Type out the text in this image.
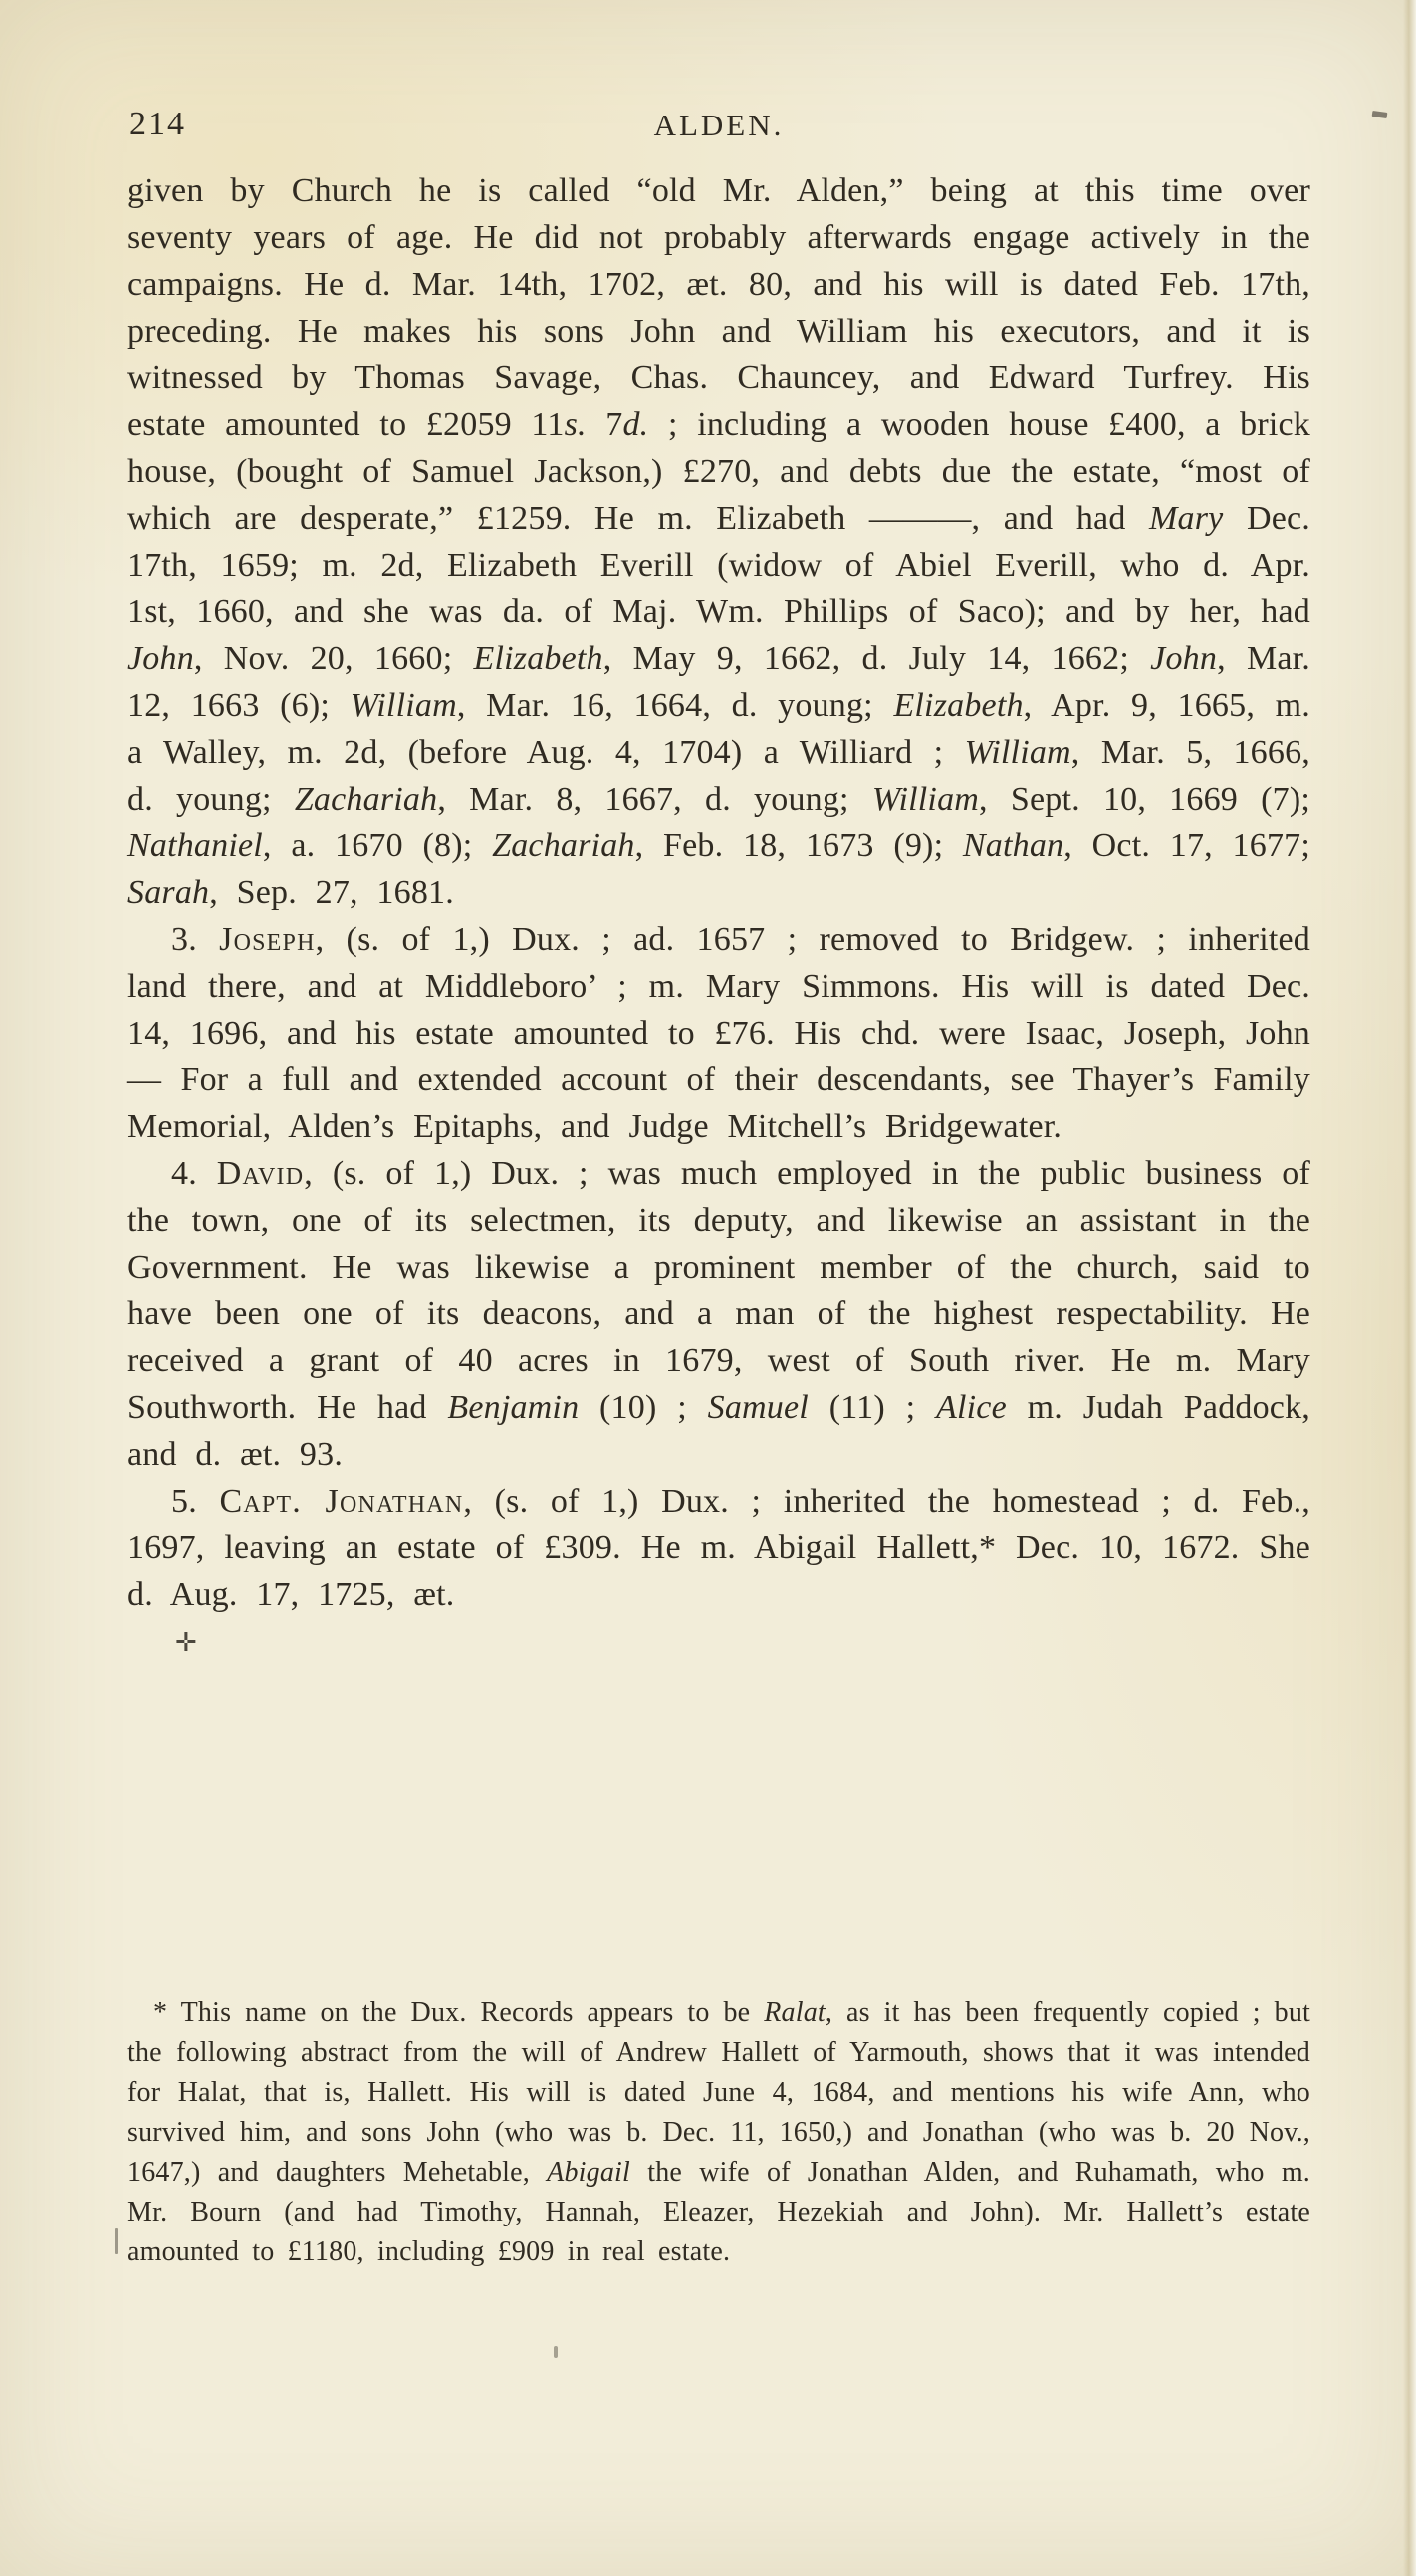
214	ALDEN.

given by Church he is called “old Mr. Alden,” being at this time over seventy years of age. He did not probably afterwards engage actively in the campaigns. He d. Mar. 14th, 1702, æt. 80, and his will is dated Feb. 17th, preceding. He makes his sons John and William his executors, and it is witnessed by Thomas Savage, Chas. Chauncey, and Edward Turfrey. His estate amounted to £2059 11s. 7d. ; including a wooden house £400, a brick house, (bought of Samuel Jackson,) £270, and debts due the estate, “most of which are desperate,” £1259. He m. Elizabeth ———, and had Mary Dec. 17th, 1659; m. 2d, Elizabeth Everill (widow of Abiel Everill, who d. Apr. 1st, 1660, and she was da. of Maj. Wm. Phillips of Saco); and by her, had John, Nov. 20, 1660; Elizabeth, May 9, 1662, d. July 14, 1662; John, Mar. 12, 1663 (6); William, Mar. 16, 1664, d. young; Elizabeth, Apr. 9, 1665, m. a Walley, m. 2d, (before Aug. 4, 1704) a Williard ; William, Mar. 5, 1666, d. young; Zachariah, Mar. 8, 1667, d. young; William, Sept. 10, 1669 (7); Nathaniel, a. 1670 (8); Zachariah, Feb. 18, 1673 (9); Nathan, Oct. 17, 1677; Sarah, Sep. 27, 1681.

3. Joseph, (s. of 1,) Dux. ; ad. 1657 ; removed to Bridgew. ; inherited land there, and at Middleboro’ ; m. Mary Simmons. His will is dated Dec. 14, 1696, and his estate amounted to £76. His chd. were Isaac, Joseph, John — For a full and extended account of their descendants, see Thayer’s Family Memorial, Alden’s Epitaphs, and Judge Mitchell’s Bridgewater.

4. David, (s. of 1,) Dux. ; was much employed in the public business of the town, one of its selectmen, its deputy, and likewise an assistant in the Government. He was likewise a prominent member of the church, said to have been one of its deacons, and a man of the highest respectability. He received a grant of 40 acres in 1679, west of South river. He m. Mary Southworth. He had Benjamin (10) ; Samuel (11) ; Alice m. Judah Paddock, and d. æt. 93.

5. Capt. Jonathan, (s. of 1,) Dux. ; inherited the homestead ; d. Feb., 1697, leaving an estate of £309. He m. Abigail Hallett,* Dec. 10, 1672. She d. Aug. 17, 1725, æt.

✛

* This name on the Dux. Records appears to be Ralat, as it has been frequently copied ; but the following abstract from the will of Andrew Hallett of Yarmouth, shows that it was intended for Halat, that is, Hallett. His will is dated June 4, 1684, and mentions his wife Ann, who survived him, and sons John (who was b. Dec. 11, 1650,) and Jonathan (who was b. 20 Nov., 1647,) and daughters Mehetable, Abigail the wife of Jonathan Alden, and Ruhamath, who m. Mr. Bourn (and had Timothy, Hannah, Eleazer, Hezekiah and John). Mr. Hallett’s estate amounted to £1180, including £909 in real estate.
